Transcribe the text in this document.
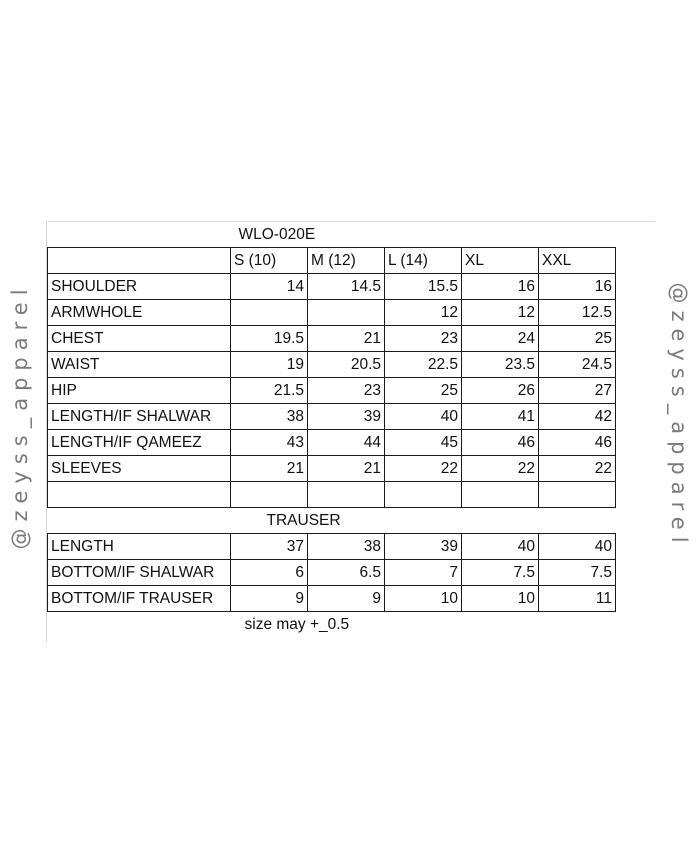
@zeyss_apparel	@zeyss_apparel
	WLO-020E				
	S (10)	M (12)	L (14)	XL	XXL
SHOULDER	14	14.5	15.5	16	16
ARMWHOLE			12	12	12.5
CHEST	19.5	21	23	24	25
WAIST	19	20.5	22.5	23.5	24.5
HIP	21.5	23	25	26	27
LENGTH/IF SHALWAR	38	39	40	41	42
LENGTH/IF QAMEEZ	43	44	45	46	46
SLEEVES	21	21	22	22	22

	TRAUSER				
LENGTH	37	38	39	40	40
BOTTOM/IF SHALWAR	6	6.5	7	7.5	7.5
BOTTOM/IF TRAUSER	9	9	10	10	11
	size may +_0.5				
